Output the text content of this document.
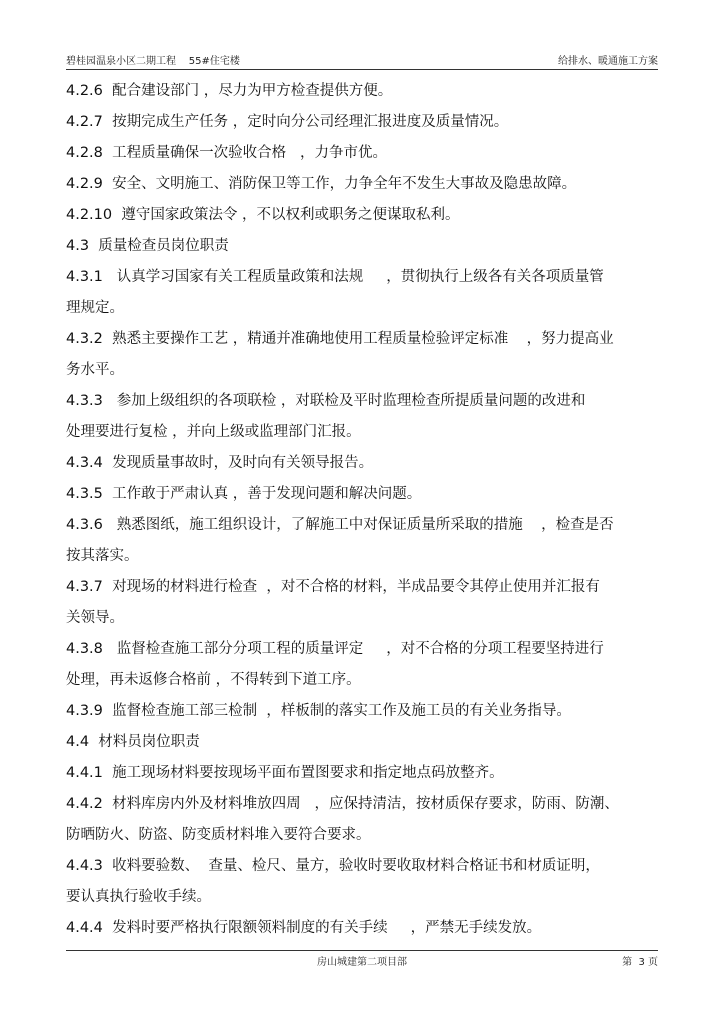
碧桂园温泉小区二期工程    55#住宅楼	给排水、暖通施工方案
4.2.6  配合建设部门 ，尽力为甲方检查提供方便。
4.2.7  按期完成生产任务 ，定时向分公司经理汇报进度及质量情况。
4.2.8  工程质量确保一次验收合格   ，力争市优。
4.2.9  安全、文明施工、消防保卫等工作，力争全年不发生大事故及隐患故障。
4.2.10  遵守国家政策法令 ，不以权利或职务之便谋取私利。
4.3  质量检查员岗位职责
4.3.1   认真学习国家有关工程质量政策和法规     ，贯彻执行上级各有关各项质量管
理规定。
4.3.2  熟悉主要操作工艺 ，精通并准确地使用工程质量检验评定标准    ，努力提高业
务水平。
4.3.3   参加上级组织的各项联检 ，对联检及平时监理检查所提质量问题的改进和
处理要进行复检 ，并向上级或监理部门汇报。
4.3.4  发现质量事故时，及时向有关领导报告。
4.3.5  工作敢于严肃认真 ，善于发现问题和解决问题。
4.3.6   熟悉图纸，施工组织设计，了解施工中对保证质量所采取的措施    ，检查是否
按其落实。
4.3.7  对现场的材料进行检查  ，对不合格的材料，半成品要令其停止使用并汇报有
关领导。
4.3.8   监督检查施工部分分项工程的质量评定     ，对不合格的分项工程要坚持进行
处理，再未返修合格前 ，不得转到下道工序。
4.3.9  监督检查施工部三检制  ，样板制的落实工作及施工员的有关业务指导。
4.4  材料员岗位职责
4.4.1  施工现场材料要按现场平面布置图要求和指定地点码放整齐。
4.4.2  材料库房内外及材料堆放四周   ，应保持清洁，按材质保存要求，防雨、防潮、
防晒防火、防盗、防变质材料堆入要符合要求。
4.4.3  收料要验数、  查量、检尺、量方，验收时要收取材料合格证书和材质证明，
要认真执行验收手续。
4.4.4  发料时要严格执行限额领料制度的有关手续     ，严禁无手续发放。
房山城建第二项目部	第  3 页
